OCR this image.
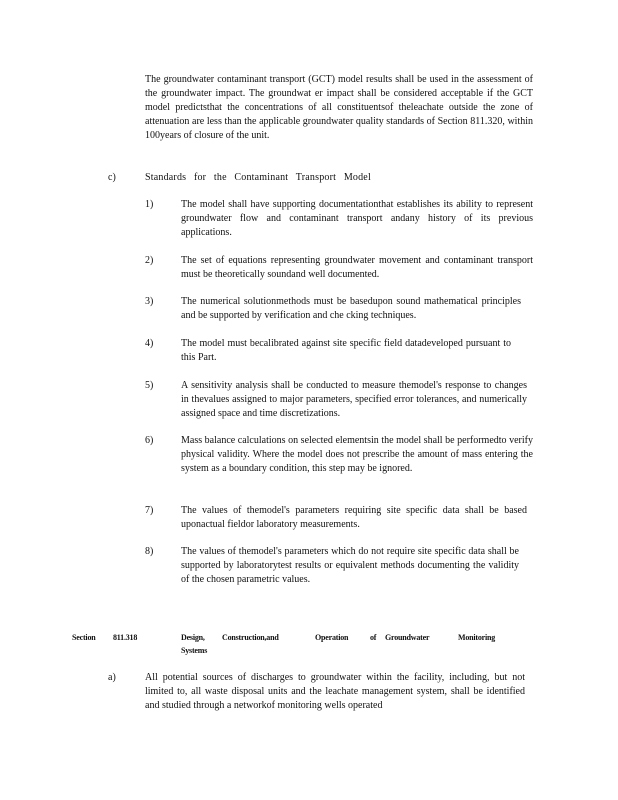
The groundwater contaminant transport (GCT) model results shall be used in the assessment of the groundwater impact. The groundwat er impact shall be considered acceptable if the GCT model predictsthat the concentrations of all constituentsof theleachate outside the zone of attenuation are less than the applicable groundwater quality standards of Section 811.320, within 100years of closure of the unit.

c)	Standards for the Contaminant Transport Model
1)	The model shall have supporting documentationthat establishes its ability to represent groundwater flow and contaminant transport andany history of its previous applications.

2)	The set of equations representing groundwater movement and contaminant transport must be theoretically soundand well documented.

3)	The numerical solutionmethods must be basedupon sound mathematical principles and be supported by verification and che cking techniques.

4)	The model must becalibrated against site specific field datadeveloped pursuant to this Part.

5)	A sensitivity analysis shall be conducted to measure themodel's response to changes in thevalues assigned to major parameters, specified error tolerances, and numerically assigned space and time discretizations.

6)	Mass balance calculations on selected elementsin the model shall be performedto verify physical validity. Where the model does not prescribe the amount of mass entering the system as a boundary condition, this step may be ignored.

7)	The values of themodel's parameters requiring site specific data shall be based uponactual fieldor laboratory measurements.

8)	The values of themodel's parameters which do not require site specific data shall be supported by laboratorytest results or equivalent methods documenting the validity of the chosen parametric values.

Section 811.318	Design, Construction,and	Operation	of Groundwater	Monitoring
Systems
a)	All potential sources of discharges to groundwater within the facility, including, but not limited to, all waste disposal units and the leachate management system, shall be identified and studied through a networkof monitoring wells operated
